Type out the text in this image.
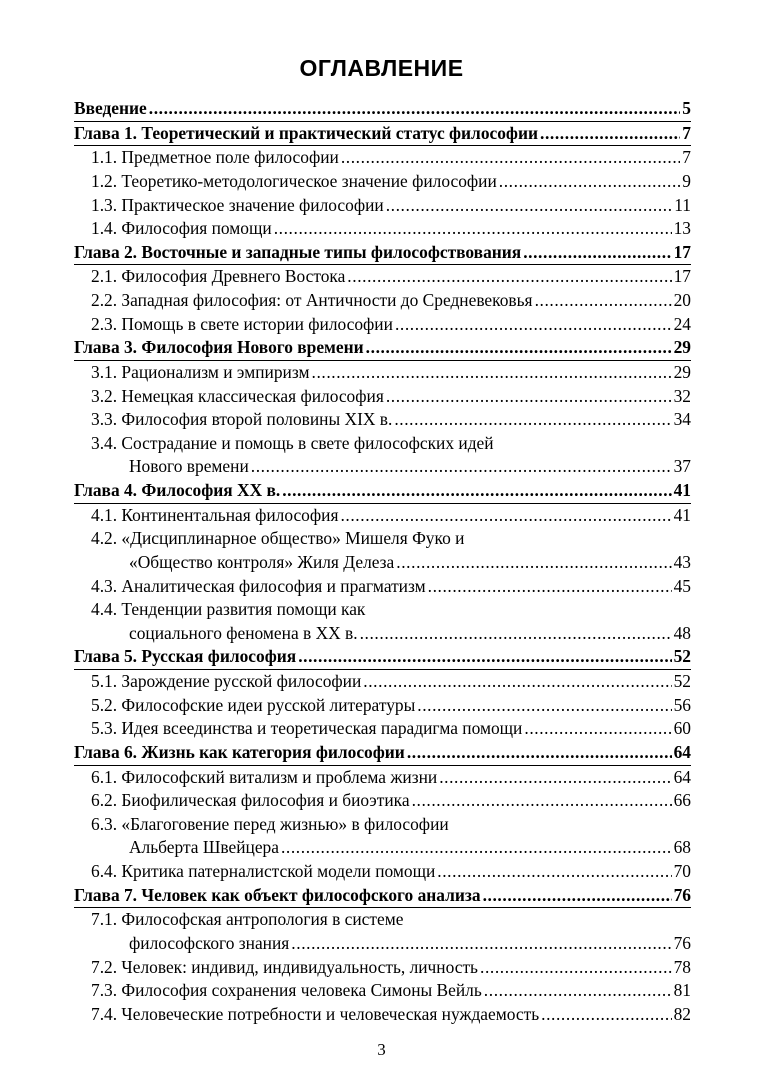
ОГЛАВЛЕНИЕ
Введение .....	5
Глава 1. Теоретический и практический статус философии .....	7
1.1. Предметное поле философии .....	7
1.2. Теоретико-методологическое значение философии .....	9
1.3. Практическое значение философии .....	11
1.4. Философия помощи .....	13
Глава 2. Восточные и западные типы философствования .....	17
2.1. Философия Древнего Востока .....	17
2.2. Западная философия: от Античности до Средневековья .....	20
2.3. Помощь в свете истории философии .....	24
Глава 3. Философия Нового времени .....	29
3.1. Рационализм и эмпиризм .....	29
3.2. Немецкая классическая философия .....	32
3.3. Философия второй половины XIX в. .....	34
3.4. Сострадание и помощь в свете философских идей
Нового времени .....	37
Глава 4. Философия XX в. .....	41
4.1. Континентальная философия .....	41
4.2. «Дисциплинарное общество» Мишеля Фуко и
«Общество контроля» Жиля Делеза .....	43
4.3. Аналитическая философия и прагматизм .....	45
4.4. Тенденции развития помощи как
социального феномена в XX в. .....	48
Глава 5. Русская философия .....	52
5.1. Зарождение русской философии .....	52
5.2. Философские идеи русской литературы .....	56
5.3. Идея всеединства и теоретическая парадигма помощи .....	60
Глава 6. Жизнь как категория философии .....	64
6.1. Философский витализм и проблема жизни .....	64
6.2. Биофилическая философия и биоэтика .....	66
6.3. «Благоговение перед жизнью» в философии
Альберта Швейцера .....	68
6.4. Критика патерналистской модели помощи .....	70
Глава 7. Человек как объект философского анализа .....	76
7.1. Философская антропология в системе
философского знания .....	76
7.2. Человек: индивид, индивидуальность, личность .....	78
7.3. Философия сохранения человека Симоны Вейль .....	81
7.4. Человеческие потребности и человеческая нуждаемость .....	82
3
